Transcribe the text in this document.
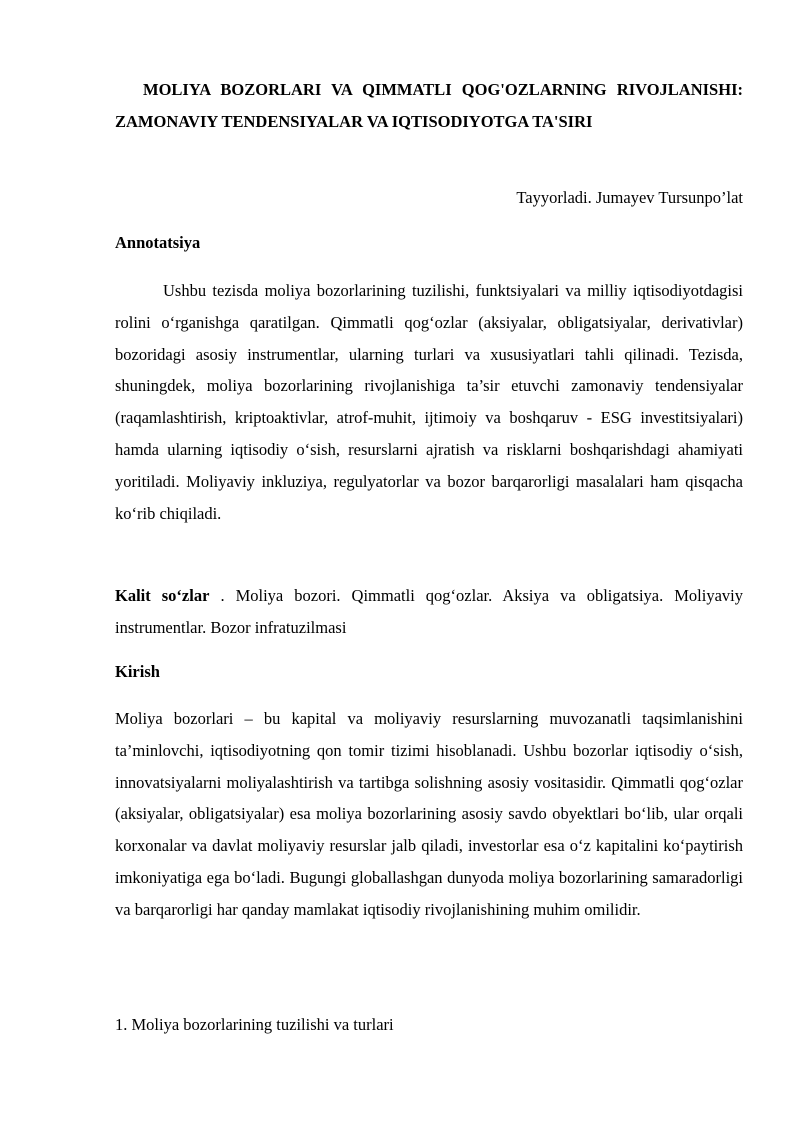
MOLIYA BOZORLARI VA QIMMATLI QOG'OZLARNING RIVOJLANISHI: ZAMONAVIY TENDENSIYALAR VA IQTISODIYOTGA TA'SIRI

Tayyorladi. Jumayev Tursunpo’lat

Annotatsiya

Ushbu tezisda moliya bozorlarining tuzilishi, funktsiyalari va milliy iqtisodiyotdagisi rolini o‘rganishga qaratilgan. Qimmatli qog‘ozlar (aksiyalar, obligatsiyalar, derivativlar) bozoridagi asosiy instrumentlar, ularning turlari va xususiyatlari tahli qilinadi. Tezisda, shuningdek, moliya bozorlarining rivojlanishiga ta’sir etuvchi zamonaviy tendensiyalar (raqamlashtirish, kriptoaktivlar, atrof-muhit, ijtimoiy va boshqaruv - ESG investitsiyalari) hamda ularning iqtisodiy o‘sish, resurslarni ajratish va risklarni boshqarishdagi ahamiyati yoritiladi. Moliyaviy inkluziya, regulyatorlar va bozor barqarorligi masalalari ham qisqacha ko‘rib chiqiladi.

Kalit so‘zlar . Moliya bozori. Qimmatli qog‘ozlar. Aksiya va obligatsiya. Moliyaviy instrumentlar. Bozor infratuzilmasi

Kirish

Moliya bozorlari – bu kapital va moliyaviy resurslarning muvozanatli taqsimlanishini ta’minlovchi, iqtisodiyotning qon tomir tizimi hisoblanadi. Ushbu bozorlar iqtisodiy o‘sish, innovatsiyalarni moliyalashtirish va tartibga solishning asosiy vositasidir. Qimmatli qog‘ozlar (aksiyalar, obligatsiyalar) esa moliya bozorlarining asosiy savdo obyektlari bo‘lib, ular orqali korxonalar va davlat moliyaviy resurslar jalb qiladi, investorlar esa o‘z kapitalini ko‘paytirish imkoniyatiga ega bo‘ladi. Bugungi globallashgan dunyoda moliya bozorlarining samaradorligi va barqarorligi har qanday mamlakat iqtisodiy rivojlanishining muhim omilidir.

1. Moliya bozorlarining tuzilishi va turlari
